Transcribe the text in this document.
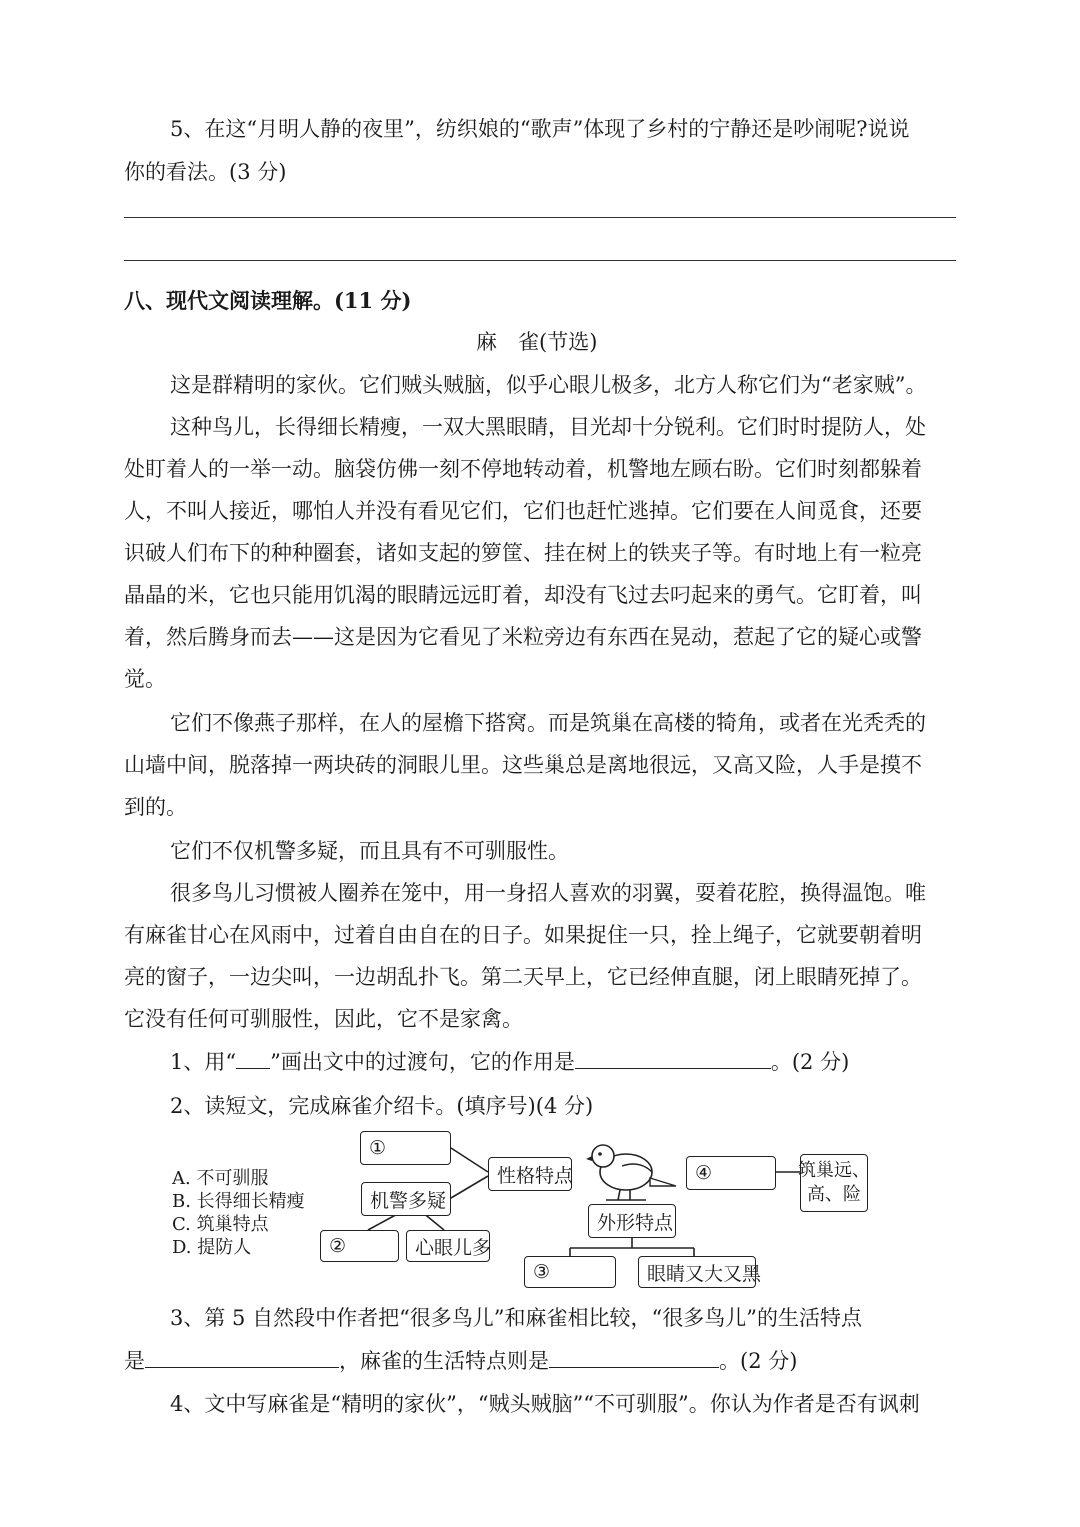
5、在这“月明人静的夜里”，纺织娘的“歌声”体现了乡村的宁静还是吵闹呢?说说
你的看法。(3 分)
八、现代文阅读理解。(11 分)
麻　雀(节选)
这是群精明的家伙。它们贼头贼脑，似乎心眼儿极多，北方人称它们为“老家贼”。
这种鸟儿，长得细长精瘦，一双大黑眼睛，目光却十分锐利。它们时时提防人，处
处盯着人的一举一动。脑袋仿佛一刻不停地转动着，机警地左顾右盼。它们时刻都躲着
人，不叫人接近，哪怕人并没有看见它们，它们也赶忙逃掉。它们要在人间觅食，还要
识破人们布下的种种圈套，诸如支起的箩筐、挂在树上的铁夹子等。有时地上有一粒亮
晶晶的米，它也只能用饥渴的眼睛远远盯着，却没有飞过去叼起来的勇气。它盯着，叫
着，然后腾身而去——这是因为它看见了米粒旁边有东西在晃动，惹起了它的疑心或警
觉。
它们不像燕子那样，在人的屋檐下搭窝。而是筑巢在高楼的犄角，或者在光秃秃的
山墙中间，脱落掉一两块砖的洞眼儿里。这些巢总是离地很远，又高又险，人手是摸不
到的。
它们不仅机警多疑，而且具有不可驯服性。
很多鸟儿习惯被人圈养在笼中，用一身招人喜欢的羽翼，耍着花腔，换得温饱。唯
有麻雀甘心在风雨中，过着自由自在的日子。如果捉住一只，拴上绳子，它就要朝着明
亮的窗子，一边尖叫，一边胡乱扑飞。第二天早上，它已经伸直腿，闭上眼睛死掉了。
它没有任何可驯服性，因此，它不是家禽。
1、用“ ”画出文中的过渡句，它的作用是	。(2 分)
2、读短文，完成麻雀介绍卡。(填序号)(4 分)
A. 不可驯服
B. 长得细长精瘦
C. 筑巢特点
D. 提防人
①
性格特点
机警多疑
②	心眼儿多
④	筑巢远、
高、险
外形特点
③	眼睛又大又黑
3、第 5 自然段中作者把“很多鸟儿”和麻雀相比较，“很多鸟儿”的生活特点
是	，麻雀的生活特点则是	。(2 分)
4、文中写麻雀是“精明的家伙”，“贼头贼脑”“不可驯服”。你认为作者是否有讽刺
